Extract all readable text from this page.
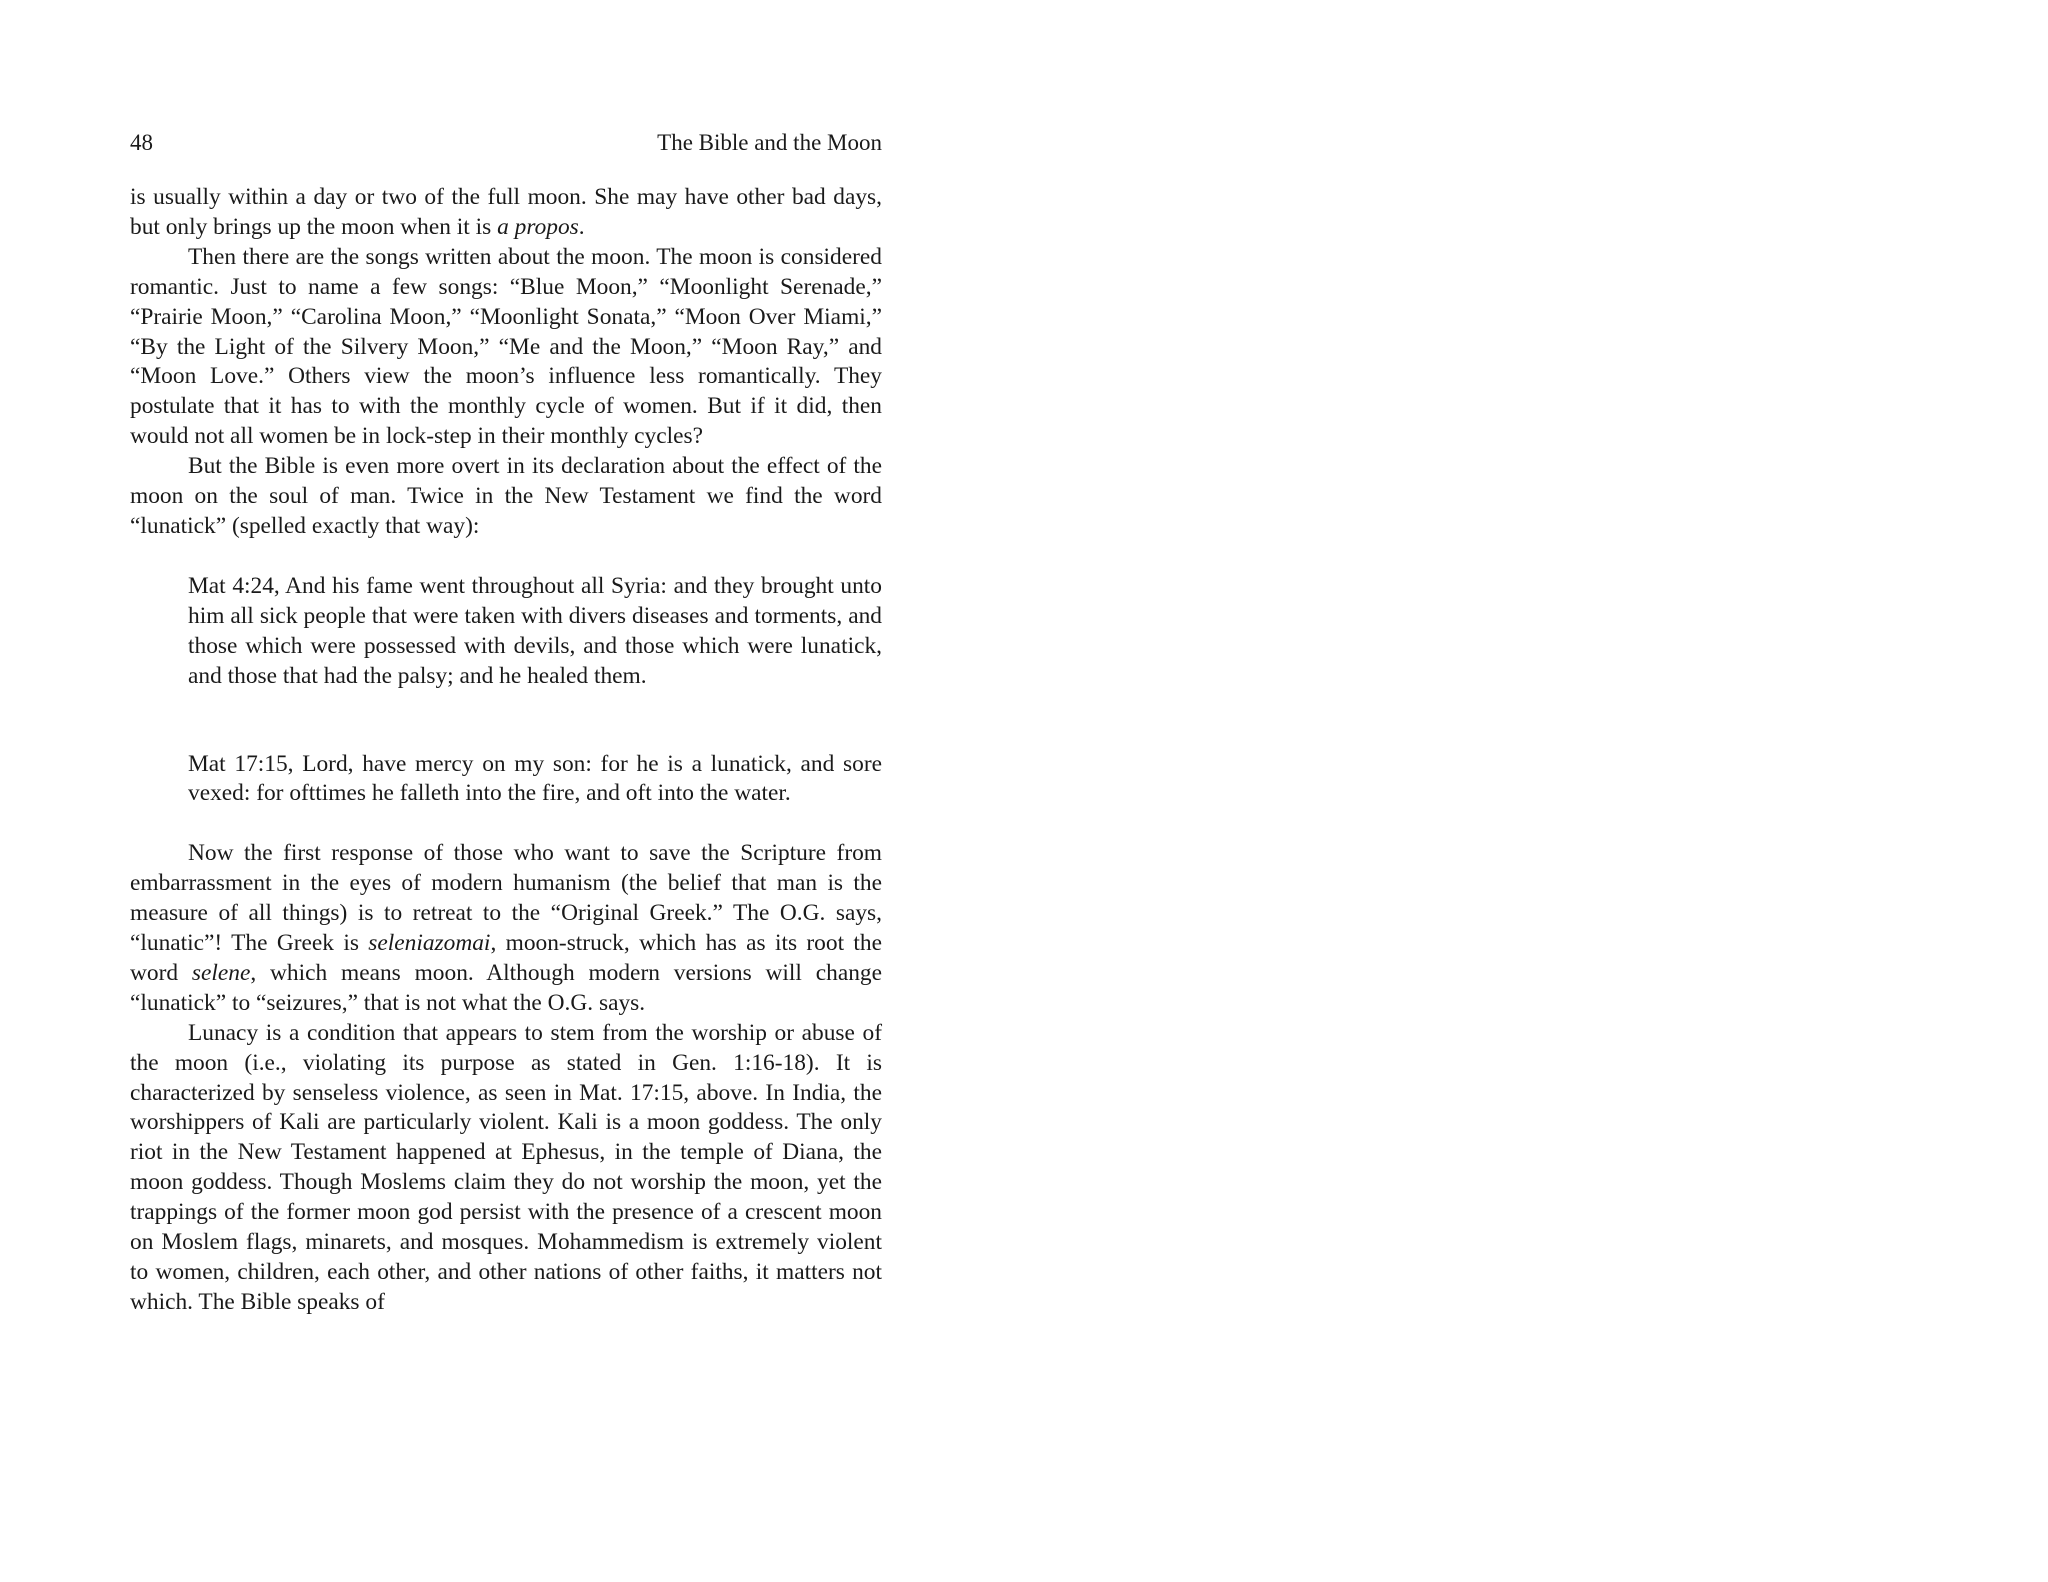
48	The Bible and the Moon

is usually within a day or two of the full moon. She may have other bad days, but only brings up the moon when it is a propos.

Then there are the songs written about the moon. The moon is considered romantic. Just to name a few songs: “Blue Moon,” “Moonlight Serenade,” “Prairie Moon,” “Carolina Moon,” “Moonlight Sonata,” “Moon Over Miami,” “By the Light of the Silvery Moon,” “Me and the Moon,” “Moon Ray,” and “Moon Love.” Others view the moon’s influence less romantically. They postulate that it has to with the monthly cycle of women. But if it did, then would not all women be in lock-step in their monthly cycles?

But the Bible is even more overt in its declaration about the effect of the moon on the soul of man. Twice in the New Testament we find the word “lunatick” (spelled exactly that way):

Mat 4:24, And his fame went throughout all Syria: and they brought unto him all sick people that were taken with divers diseases and torments, and those which were possessed with devils, and those which were lunatick, and those that had the palsy; and he healed them.

Mat 17:15, Lord, have mercy on my son: for he is a lunatick, and sore vexed: for ofttimes he falleth into the fire, and oft into the water.

Now the first response of those who want to save the Scripture from embarrassment in the eyes of modern humanism (the belief that man is the measure of all things) is to retreat to the “Original Greek.” The O.G. says, “lunatic”! The Greek is seleniazomai, moon-struck, which has as its root the word selene, which means moon. Although modern versions will change “lunatick” to “seizures,” that is not what the O.G. says.

Lunacy is a condition that appears to stem from the worship or abuse of the moon (i.e., violating its purpose as stated in Gen. 1:16-18). It is characterized by senseless violence, as seen in Mat. 17:15, above. In India, the worshippers of Kali are particularly violent. Kali is a moon goddess. The only riot in the New Testament happened at Ephesus, in the temple of Diana, the moon goddess. Though Moslems claim they do not worship the moon, yet the trappings of the former moon god persist with the presence of a crescent moon on Moslem flags, minarets, and mosques. Mohammedism is extremely violent to women, children, each other, and other nations of other faiths, it matters not which. The Bible speaks of
